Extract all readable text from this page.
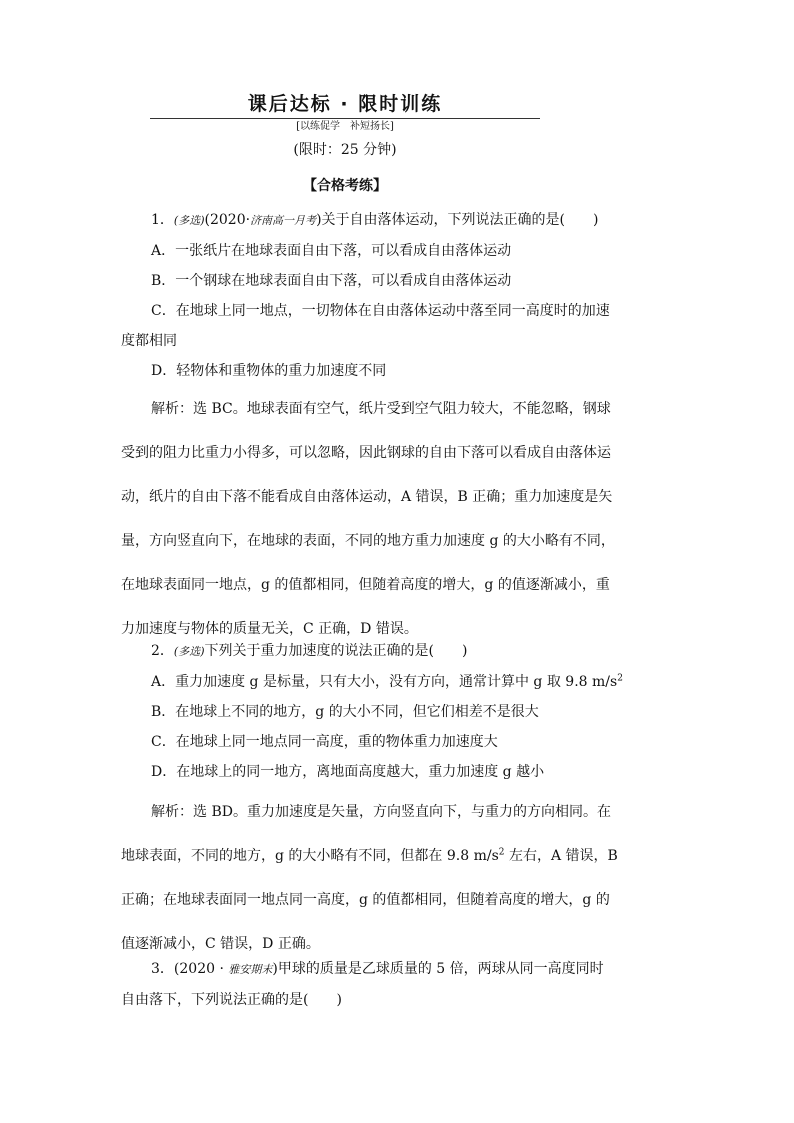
课后达标 · 限时训练
[以练促学　补短扬长]
(限时：25 分钟)
【合格考练】

1．(多选)(2020·济南高一月考)关于自由落体运动，下列说法正确的是(　　)

A．一张纸片在地球表面自由下落，可以看成自由落体运动

B．一个钢球在地球表面自由下落，可以看成自由落体运动

C．在地球上同一地点，一切物体在自由落体运动中落至同一高度时的加速

度都相同

D．轻物体和重物体的重力加速度不同

解析：选 BC。地球表面有空气，纸片受到空气阻力较大，不能忽略，钢球

受到的阻力比重力小得多，可以忽略，因此钢球的自由下落可以看成自由落体运

动，纸片的自由下落不能看成自由落体运动，A 错误，B 正确；重力加速度是矢

量，方向竖直向下，在地球的表面，不同的地方重力加速度 g 的大小略有不同，

在地球表面同一地点，g 的值都相同，但随着高度的增大，g 的值逐渐减小，重

力加速度与物体的质量无关，C 正确，D 错误。

2．(多选)下列关于重力加速度的说法正确的是(　　)

A．重力加速度 g 是标量，只有大小，没有方向，通常计算中 g 取 9.8 $m/s^2$

B．在地球上不同的地方，g 的大小不同，但它们相差不是很大

C．在地球上同一地点同一高度，重的物体重力加速度大

D．在地球上的同一地方，离地面高度越大，重力加速度 g 越小

解析：选 BD。重力加速度是矢量，方向竖直向下，与重力的方向相同。在

地球表面，不同的地方，g 的大小略有不同，但都在 9.8 $m/s^2$ 左右，A 错误，B

正确；在地球表面同一地点同一高度，g 的值都相同，但随着高度的增大，g 的

值逐渐减小，C 错误，D 正确。

3．(2020 · 雅安期末)甲球的质量是乙球质量的 5 倍，两球从同一高度同时

自由落下，下列说法正确的是(　　)
